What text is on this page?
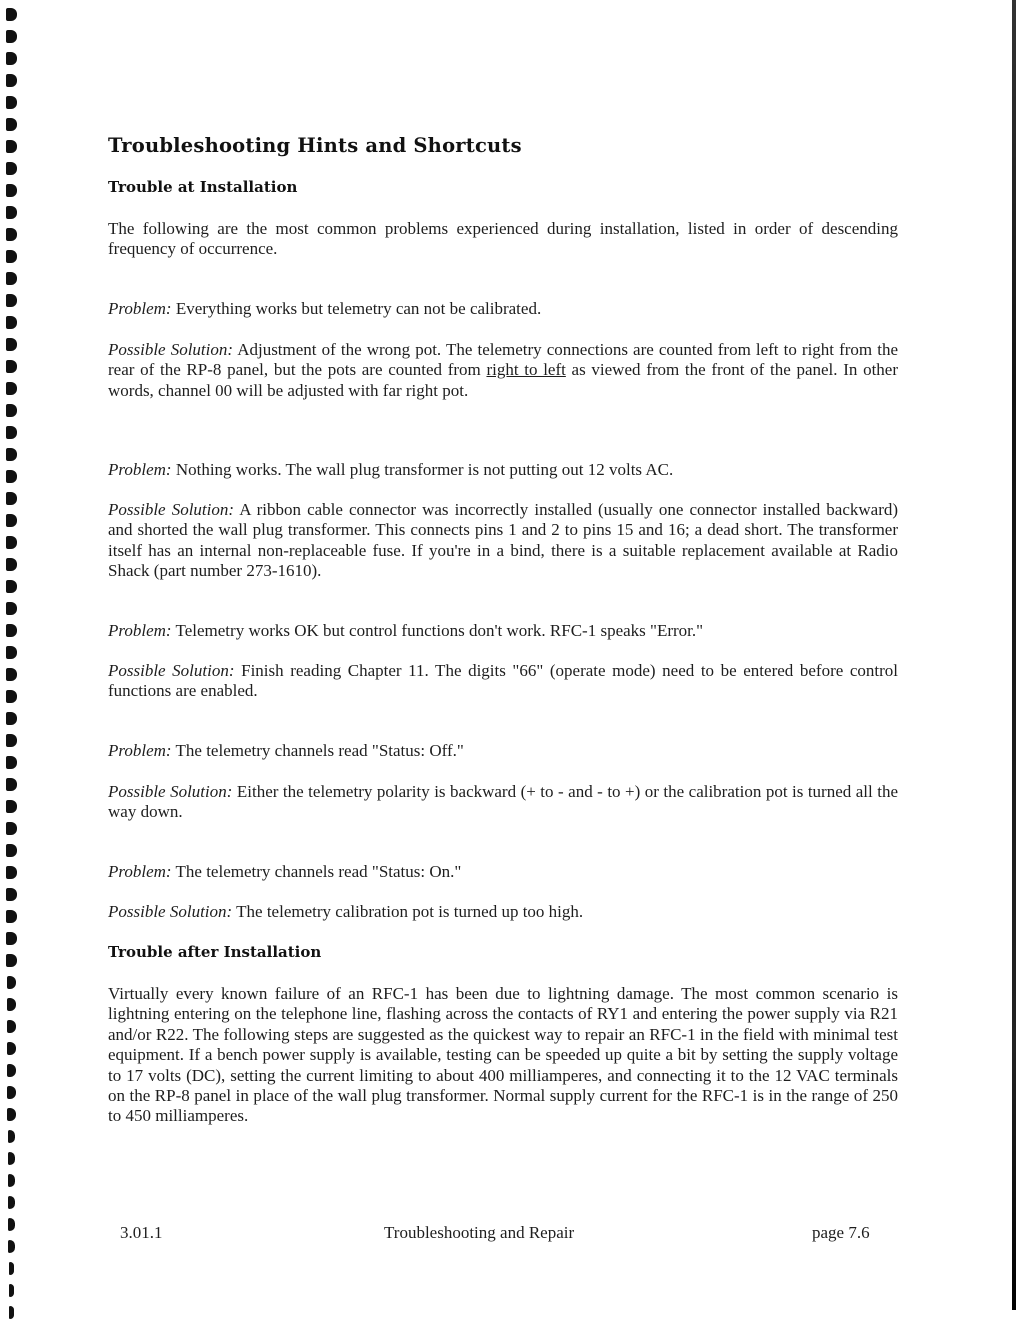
Troubleshooting Hints and Shortcuts
Trouble at Installation
The following are the most common problems experienced during installation, listed in order of descending frequency of occurrence.
Problem: Everything works but telemetry can not be calibrated.
Possible Solution: Adjustment of the wrong pot. The telemetry connections are counted from left to right from the rear of the RP-8 panel, but the pots are counted from right to left as viewed from the front of the panel. In other words, channel 00 will be adjusted with far right pot.
Problem: Nothing works. The wall plug transformer is not putting out 12 volts AC.
Possible Solution: A ribbon cable connector was incorrectly installed (usually one connector installed backward) and shorted the wall plug transformer. This connects pins 1 and 2 to pins 15 and 16; a dead short. The transformer itself has an internal non-replaceable fuse. If you're in a bind, there is a suitable replacement available at Radio Shack (part number 273-1610).
Problem: Telemetry works OK but control functions don't work. RFC-1 speaks "Error."
Possible Solution: Finish reading Chapter 11. The digits "66" (operate mode) need to be entered before control functions are enabled.
Problem: The telemetry channels read "Status: Off."
Possible Solution: Either the telemetry polarity is backward (+ to - and - to +) or the calibration pot is turned all the way down.
Problem: The telemetry channels read "Status: On."
Possible Solution: The telemetry calibration pot is turned up too high.
Trouble after Installation
Virtually every known failure of an RFC-1 has been due to lightning damage. The most common scenario is lightning entering on the telephone line, flashing across the contacts of RY1 and entering the power supply via R21 and/or R22. The following steps are suggested as the quickest way to repair an RFC-1 in the field with minimal test equipment. If a bench power supply is available, testing can be speeded up quite a bit by setting the supply voltage to 17 volts (DC), setting the current limiting to about 400 milliamperes, and connecting it to the 12 VAC terminals on the RP-8 panel in place of the wall plug transformer. Normal supply current for the RFC-1 is in the range of 250 to 450 milliamperes.
3.01.1	Troubleshooting and Repair	page 7.6
